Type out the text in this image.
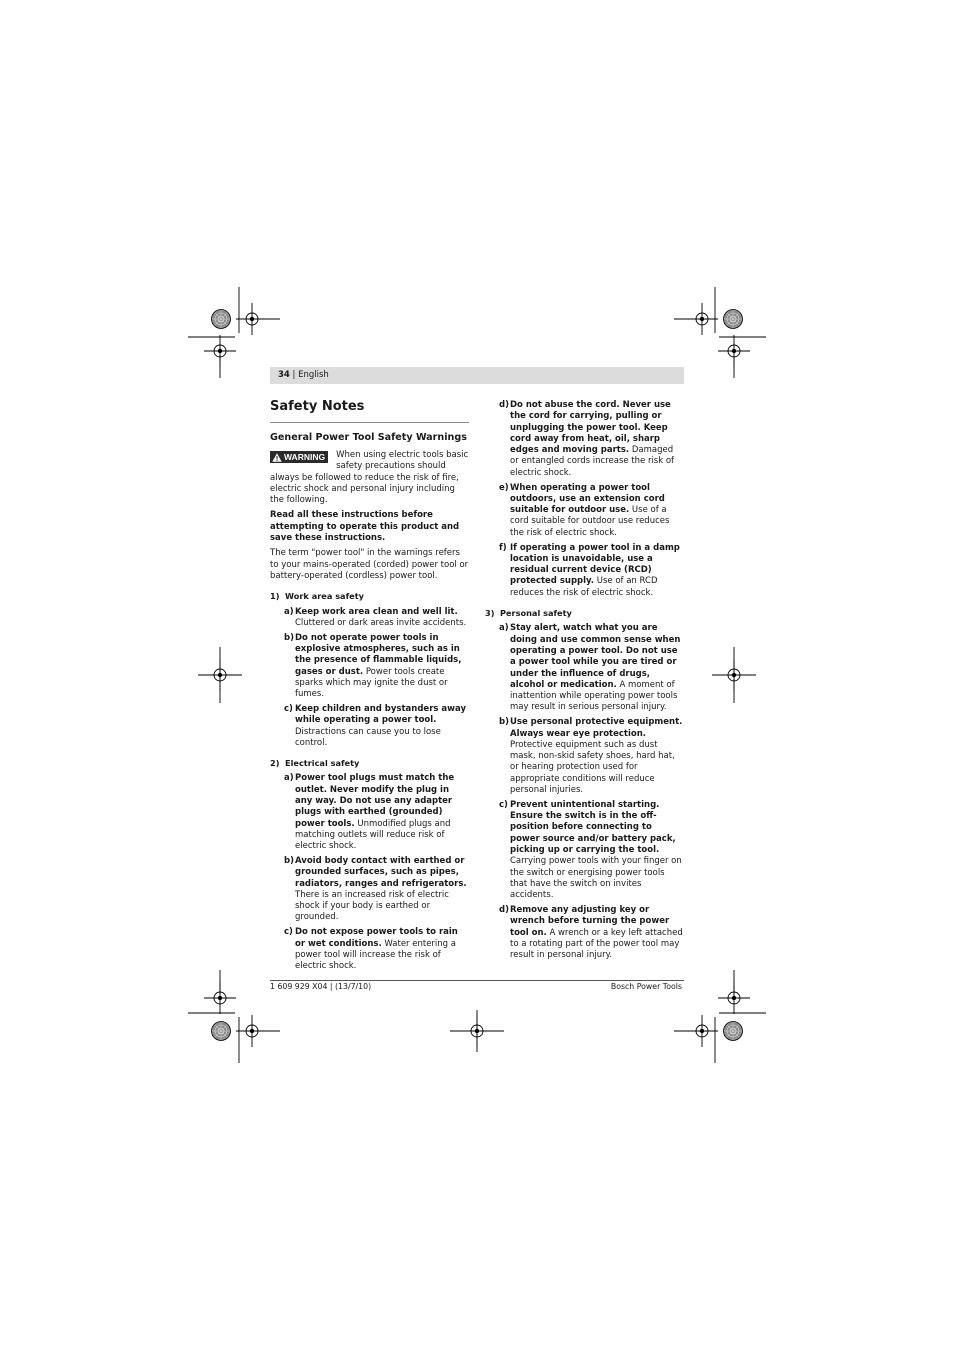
34 | English
Safety Notes
General Power Tool Safety Warnings
WARNING	When using electric tools basic safety precautions should always be followed to reduce the risk of fire, electric shock and personal injury including the following.

Read all these instructions before attempting to operate this product and save these instructions.

The term "power tool" in the warnings refers to your mains-operated (corded) power tool or battery-operated (cordless) power tool.

1) Work area safety
a) Keep work area clean and well lit. Cluttered or dark areas invite accidents.
b) Do not operate power tools in explosive atmospheres, such as in the presence of flammable liquids, gases or dust. Power tools create sparks which may ignite the dust or fumes.
c) Keep children and bystanders away while operating a power tool. Distractions can cause you to lose control.
2) Electrical safety
a) Power tool plugs must match the outlet. Never modify the plug in any way. Do not use any adapter plugs with earthed (grounded) power tools. Unmodified plugs and matching outlets will reduce risk of electric shock.
b) Avoid body contact with earthed or grounded surfaces, such as pipes, radiators, ranges and refrigerators. There is an increased risk of electric shock if your body is earthed or grounded.
c) Do not expose power tools to rain or wet conditions. Water entering a power tool will increase the risk of electric shock.
d) Do not abuse the cord. Never use the cord for carrying, pulling or unplugging the power tool. Keep cord away from heat, oil, sharp edges and moving parts. Damaged or entangled cords increase the risk of electric shock.
e) When operating a power tool outdoors, use an extension cord suitable for outdoor use. Use of a cord suitable for outdoor use reduces the risk of electric shock.
f) If operating a power tool in a damp location is unavoidable, use a residual current device (RCD) protected supply. Use of an RCD reduces the risk of electric shock.
3) Personal safety
a) Stay alert, watch what you are doing and use common sense when operating a power tool. Do not use a power tool while you are tired or under the influence of drugs, alcohol or medication. A moment of inattention while operating power tools may result in serious personal injury.
b) Use personal protective equipment. Always wear eye protection. Protective equipment such as dust mask, non-skid safety shoes, hard hat, or hearing protection used for appropriate conditions will reduce personal injuries.
c) Prevent unintentional starting. Ensure the switch is in the off-position before connecting to power source and/or battery pack, picking up or carrying the tool. Carrying power tools with your finger on the switch or energising power tools that have the switch on invites accidents.
d) Remove any adjusting key or wrench before turning the power tool on. A wrench or a key left attached to a rotating part of the power tool may result in personal injury.
1 609 929 X04 | (13/7/10)	Bosch Power Tools
